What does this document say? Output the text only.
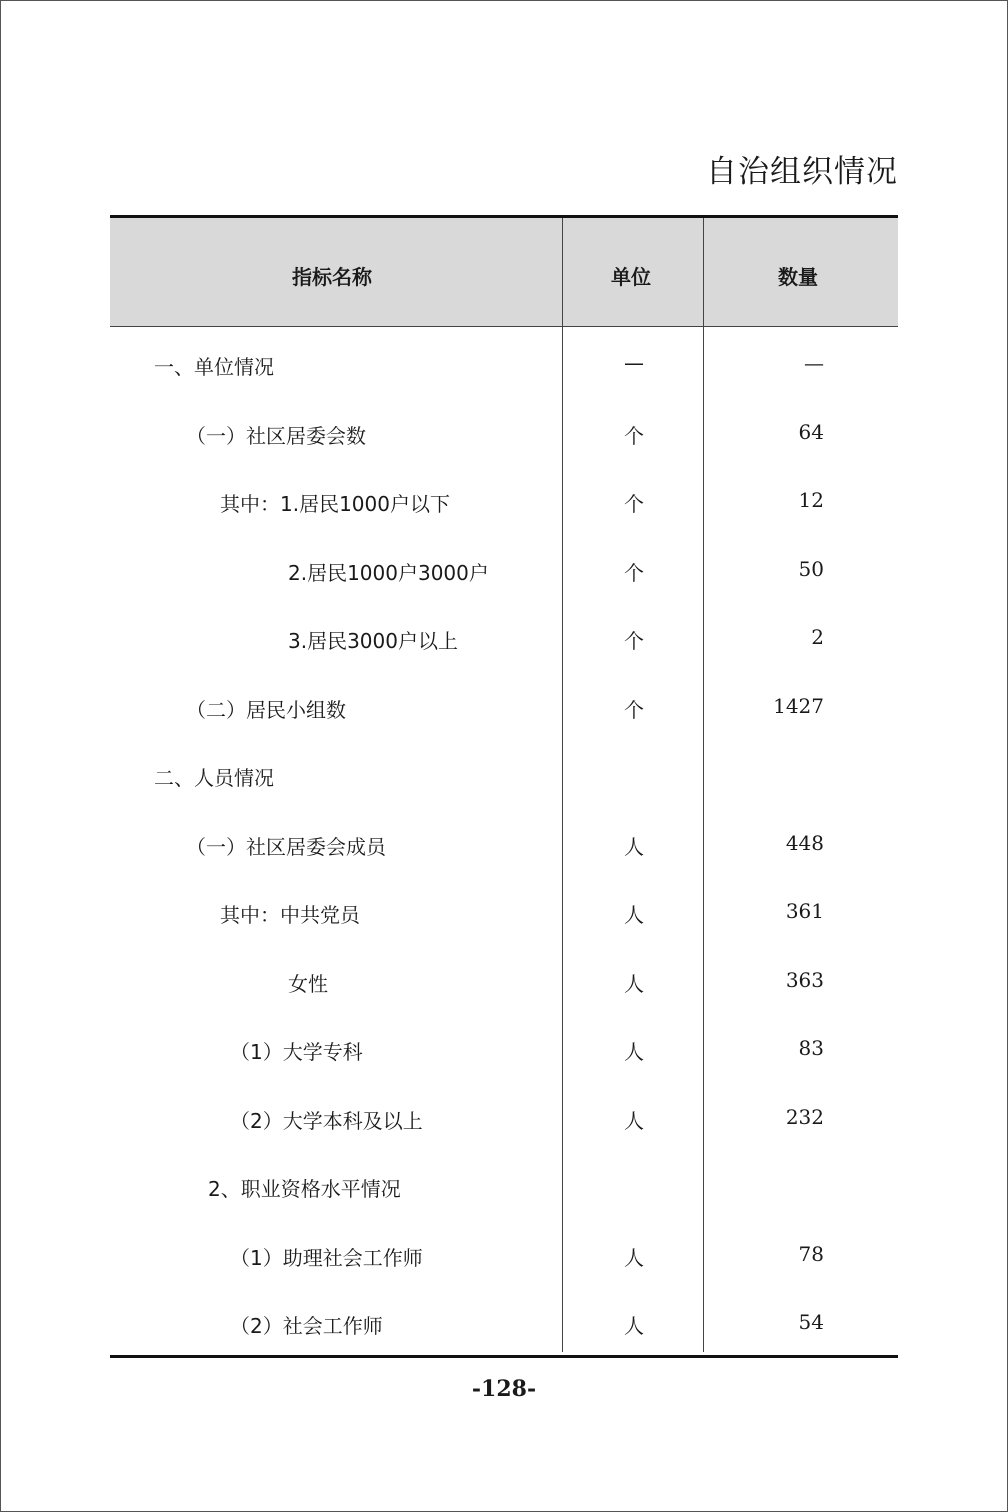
自治组织情况
指标名称	单位	数量
一、单位情况	—	—
（一）社区居委会数	个	64
其中：1.居民1000户以下	个	12
2.居民1000户3000户	个	50
3.居民3000户以上	个	2
（二）居民小组数	个	1427
二、人员情况
（一）社区居委会成员	人	448
其中：中共党员	人	361
女性	人	363
（1）大学专科	人	83
（2）大学本科及以上	人	232
2、职业资格水平情况
（1）助理社会工作师	人	78
（2）社会工作师	人	54
-128-
